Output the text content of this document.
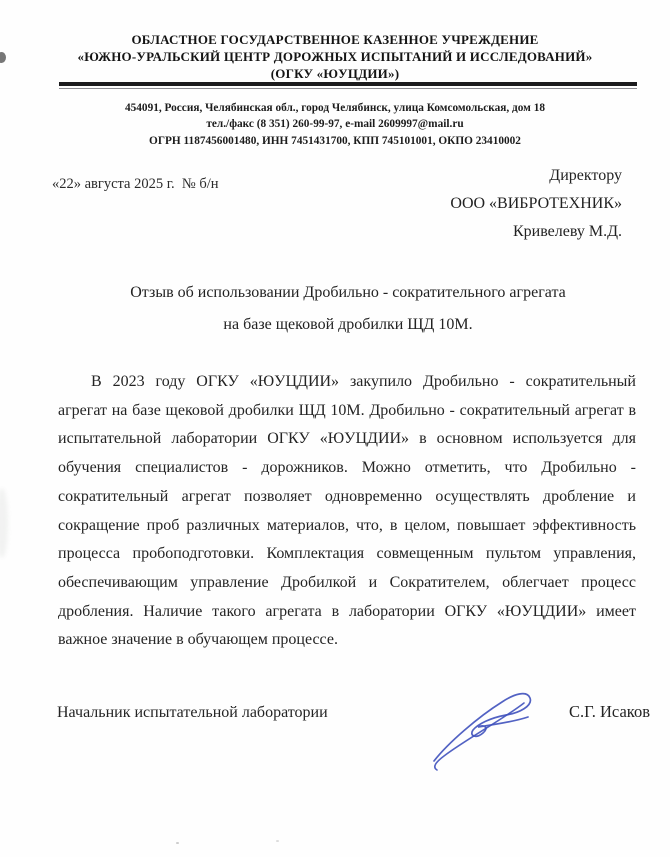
ОБЛАСТНОЕ ГОСУДАРСТВЕННОЕ КАЗЕННОЕ УЧРЕЖДЕНИЕ
«ЮЖНО-УРАЛЬСКИЙ ЦЕНТР ДОРОЖНЫХ ИСПЫТАНИЙ И ИССЛЕДОВАНИЙ»
(ОГКУ «ЮУЦДИИ»)
454091, Россия, Челябинская обл., город Челябинск, улица Комсомольская, дом 18
тел./факс (8 351) 260-99-97, e-mail 2609997@mail.ru
ОГРН 1187456001480, ИНН 7451431700, КПП 745101001, ОКПО 23410002
«22» августа 2025 г.  № б/н	Директору
ООО «ВИБРОТЕХНИК»
Кривелеву М.Д.
Отзыв об использовании Дробильно - сократительного агрегата
на базе щековой дробилки ЩД 10М.
В 2023 году ОГКУ «ЮУЦДИИ» закупило Дробильно - сократительный
агрегат на базе щековой дробилки ЩД 10М. Дробильно - сократительный агрегат в
испытательной лаборатории ОГКУ «ЮУЦДИИ» в основном используется для
обучения специалистов - дорожников. Можно отметить, что Дробильно -
сократительный агрегат позволяет одновременно осуществлять дробление и
сокращение проб различных материалов, что, в целом, повышает эффективность
процесса пробоподготовки. Комплектация совмещенным пультом управления,
обеспечивающим управление Дробилкой и Сократителем, облегчает процесс
дробления. Наличие такого агрегата в лаборатории ОГКУ «ЮУЦДИИ» имеет
важное значение в обучающем процессе.
Начальник испытательной лаборатории	С.Г. Исаков
